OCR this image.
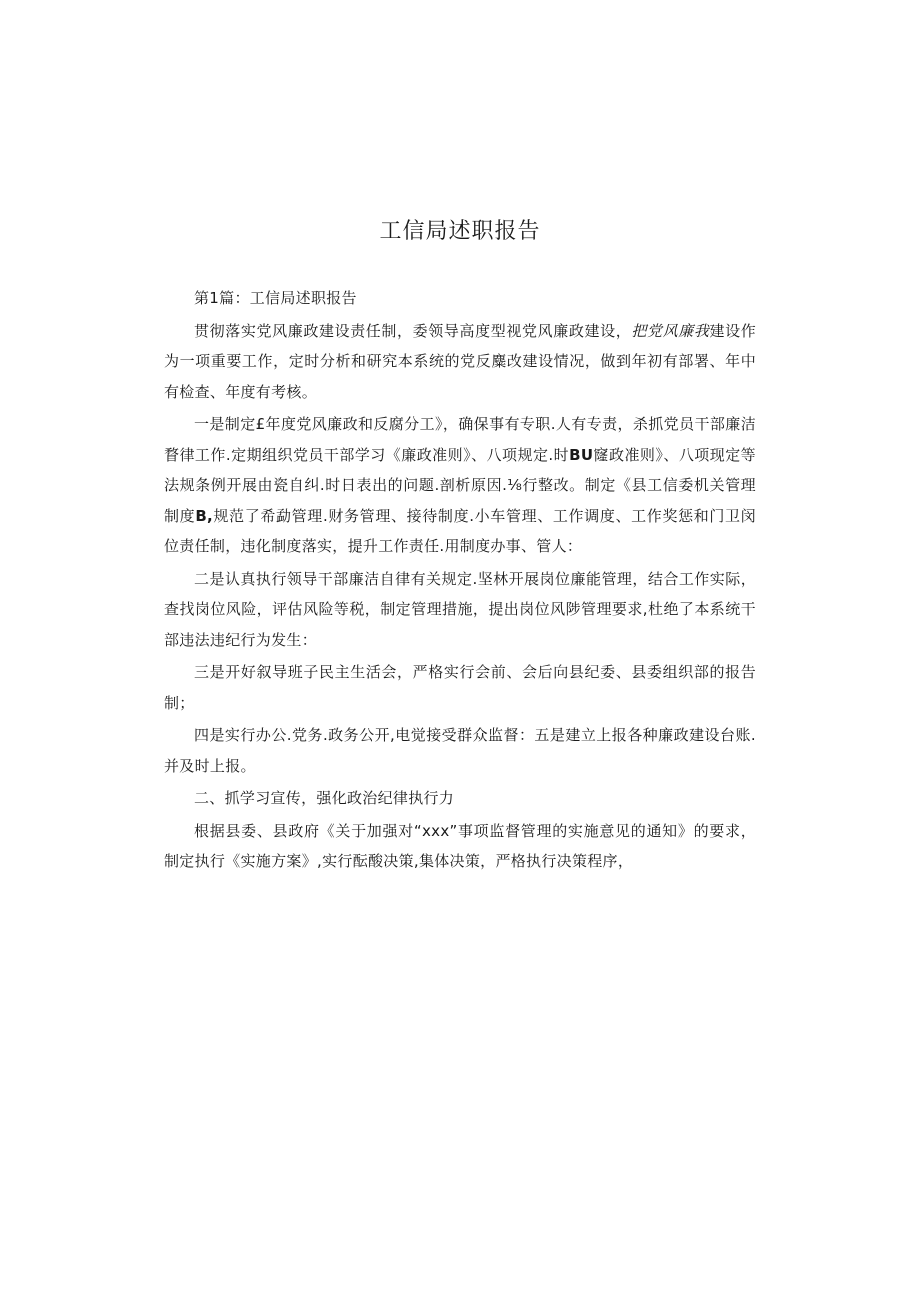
工信局述职报告

第1篇：工信局述职报告

贯彻落实党风廉政建设责任制，委领导高度型视党风廉政建设，把党风廉我建设作为一项重要工作，定时分析和研究本系统的党反麋改建设情况，做到年初有部署、年中有检查、年度有考核。

一是制定£年度党风廉政和反腐分工》，确保事有专职.人有专责，杀抓党员干部廉洁瞀律工作.定期组织党员干部学习《廉政准则》、八项规定.时BU窿政准则》、八项现定等法规条例开展由瓷自纠.时日表出的问题.剖析原因.⅛行整改。制定《县工信委机关管理制度B,规范了希勐管理.财务管理、接待制度.小车管理、工作调度、工作奖惩和门卫闵位责任制，违化制度落实，提升工作责任.用制度办事、管人：

二是认真执行领导干部廉洁自律有关规定.坚林开展岗位廉能管理，结合工作实际，查找岗位风险，评估风险等税，制定管理措施，提出岗位风陟管理要求,杜绝了本系统干部违法违纪行为发生：

三是开好叙导班子民主生活会，严格实行会前、会后向县纪委、县委组织部的报告制；

四是实行办公.党务.政务公开,电觉接受群众监督：五是建立上报各种廉政建设台账.并及时上报。

二、抓学习宣传，强化政治纪律执行力

根据县委、县政府《关于加强对“xxx”事项监督管理的实施意见的通知》的要求，制定执行《实施方案》,实行酝酸决策,集体决策，严格执行决策程序，
